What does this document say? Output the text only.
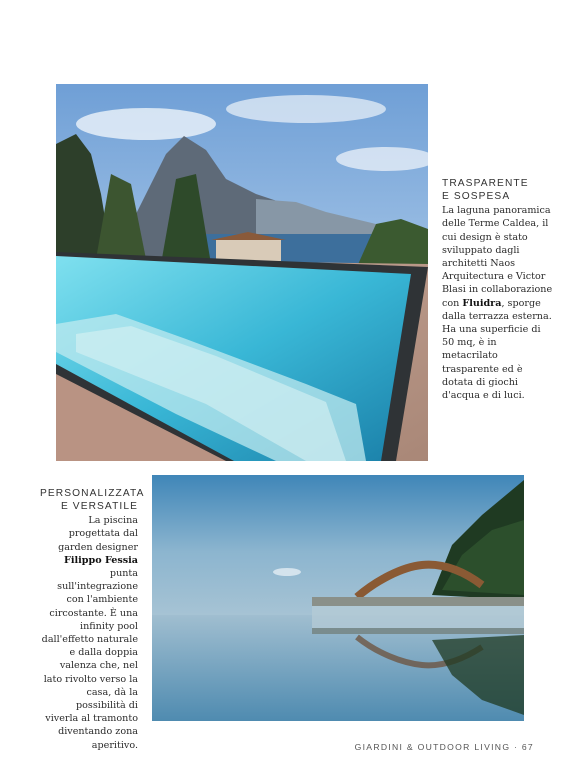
TRASPARENTE
E SOSPESA
La laguna panoramica delle Terme Caldea, il cui design è stato sviluppato dagli architetti Naos Arquitectura e Victor Blasi in collaborazione con Fluidra, sporge dalla terrazza esterna. Ha una superficie di 50 mq, è in metacrilato trasparente ed è dotata di giochi d'acqua e di luci.
PERSONALIZZATA
E VERSATILE
La piscina progettata dal garden designer Filippo Fessia punta sull'integrazione con l'ambiente circostante. È una infinity pool dall'effetto naturale e dalla doppia valenza che, nel lato rivolto verso la casa, dà la possibilità di viverla al tramonto diventando zona aperitivo.	GIARDINI & OUTDOOR LIVING · 67
